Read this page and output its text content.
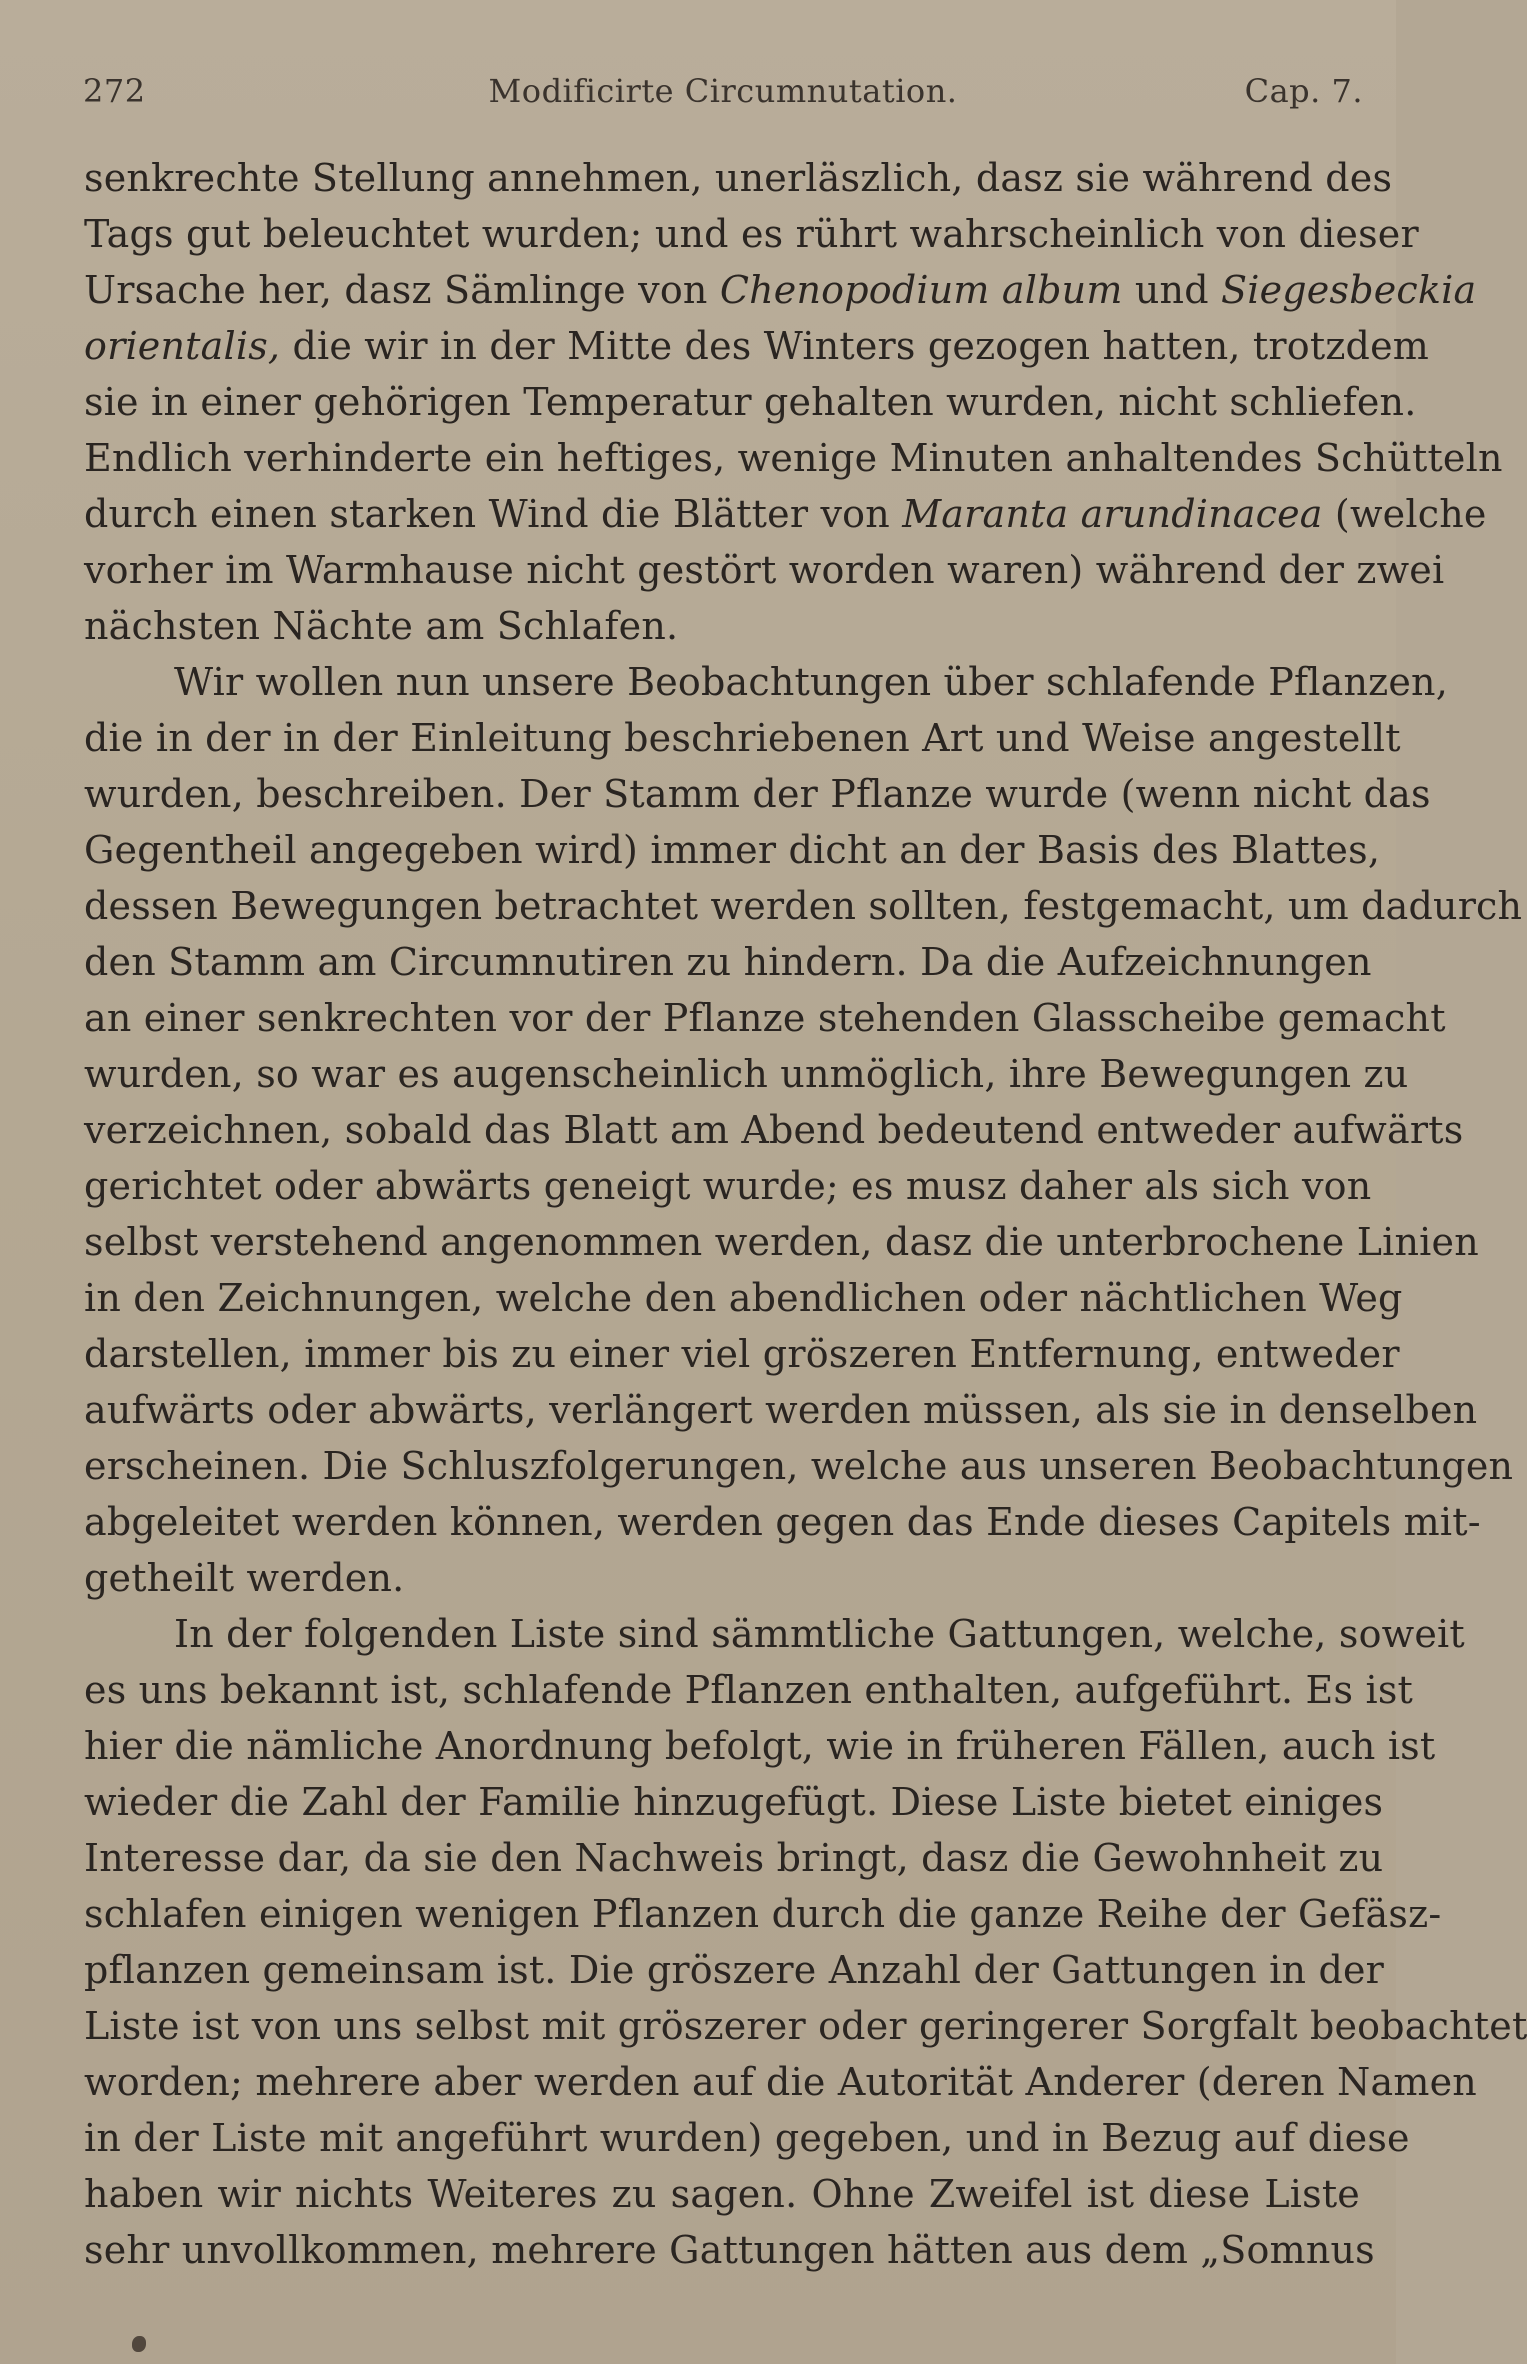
272	Modificirte Circumnutation.	Cap. 7.
senkrechte Stellung annehmen, unerläszlich, dasz sie während des
Tags gut beleuchtet wurden; und es rührt wahrscheinlich von dieser
Ursache her, dasz Sämlinge von Chenopodium album und Siegesbeckia
orientalis, die wir in der Mitte des Winters gezogen hatten, trotzdem
sie in einer gehörigen Temperatur gehalten wurden, nicht schliefen.
Endlich verhinderte ein heftiges, wenige Minuten anhaltendes Schütteln
durch einen starken Wind die Blätter von Maranta arundinacea (welche
vorher im Warmhause nicht gestört worden waren) während der zwei
nächsten Nächte am Schlafen.
Wir wollen nun unsere Beobachtungen über schlafende Pflanzen,
die in der in der Einleitung beschriebenen Art und Weise angestellt
wurden, beschreiben. Der Stamm der Pflanze wurde (wenn nicht das
Gegentheil angegeben wird) immer dicht an der Basis des Blattes,
dessen Bewegungen betrachtet werden sollten, festgemacht, um dadurch
den Stamm am Circumnutiren zu hindern. Da die Aufzeichnungen
an einer senkrechten vor der Pflanze stehenden Glasscheibe gemacht
wurden, so war es augenscheinlich unmöglich, ihre Bewegungen zu
verzeichnen, sobald das Blatt am Abend bedeutend entweder aufwärts
gerichtet oder abwärts geneigt wurde; es musz daher als sich von
selbst verstehend angenommen werden, dasz die unterbrochene Linien
in den Zeichnungen, welche den abendlichen oder nächtlichen Weg
darstellen, immer bis zu einer viel gröszeren Entfernung, entweder
aufwärts oder abwärts, verlängert werden müssen, als sie in denselben
erscheinen. Die Schluszfolgerungen, welche aus unseren Beobachtungen
abgeleitet werden können, werden gegen das Ende dieses Capitels mit-
getheilt werden.
In der folgenden Liste sind sämmtliche Gattungen, welche, soweit
es uns bekannt ist, schlafende Pflanzen enthalten, aufgeführt. Es ist
hier die nämliche Anordnung befolgt, wie in früheren Fällen, auch ist
wieder die Zahl der Familie hinzugefügt. Diese Liste bietet einiges
Interesse dar, da sie den Nachweis bringt, dasz die Gewohnheit zu
schlafen einigen wenigen Pflanzen durch die ganze Reihe der Gefäsz-
pflanzen gemeinsam ist. Die gröszere Anzahl der Gattungen in der
Liste ist von uns selbst mit gröszerer oder geringerer Sorgfalt beobachtet
worden; mehrere aber werden auf die Autorität Anderer (deren Namen
in der Liste mit angeführt wurden) gegeben, und in Bezug auf diese
haben wir nichts Weiteres zu sagen. Ohne Zweifel ist diese Liste
sehr unvollkommen, mehrere Gattungen hätten aus dem „Somnus
